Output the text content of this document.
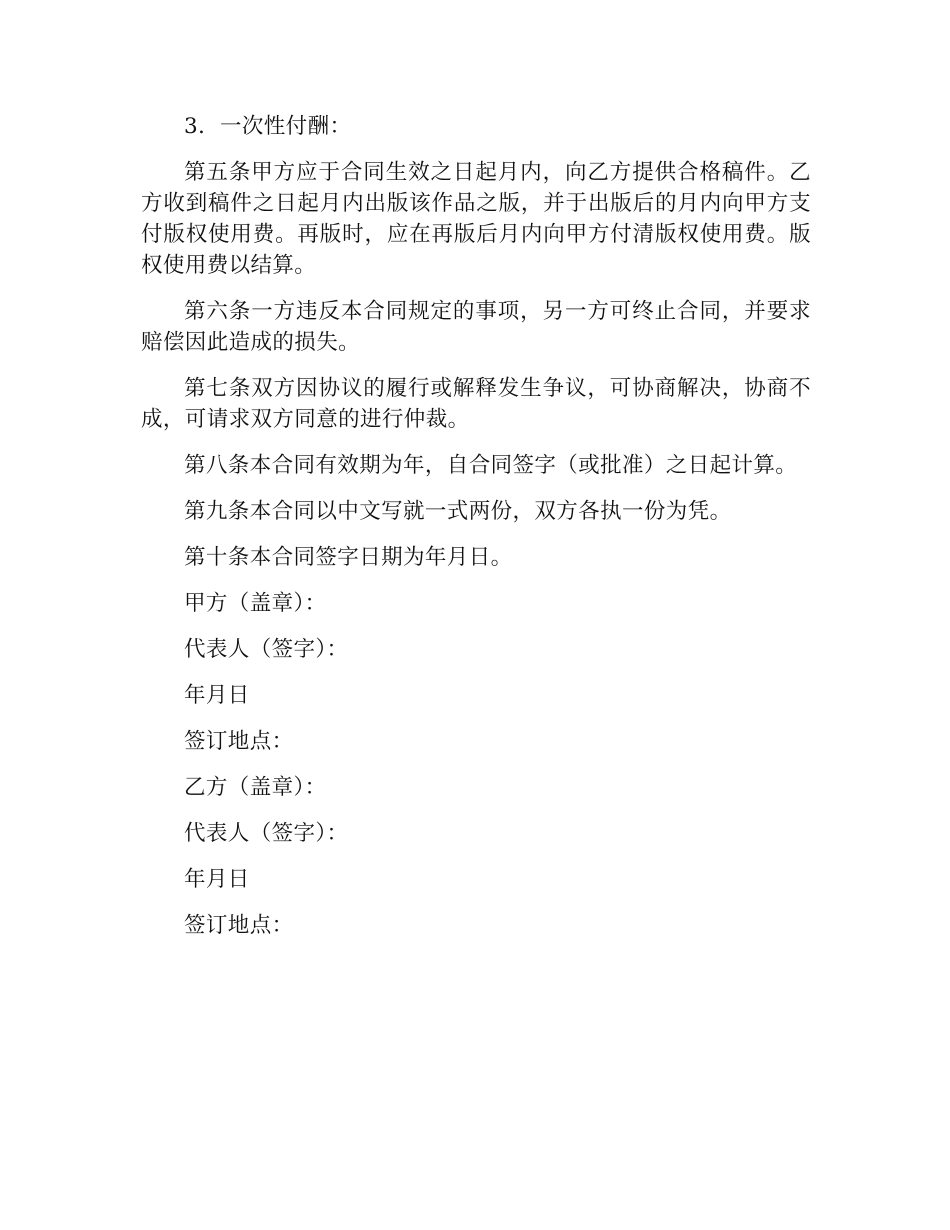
3．一次性付酬：

第五条甲方应于合同生效之日起月内，向乙方提供合格稿件。乙方收到稿件之日起月内出版该作品之版，并于出版后的月内向甲方支付版权使用费。再版时，应在再版后月内向甲方付清版权使用费。版权使用费以结算。

第六条一方违反本合同规定的事项，另一方可终止合同，并要求赔偿因此造成的损失。

第七条双方因协议的履行或解释发生争议，可协商解决，协商不成，可请求双方同意的进行仲裁。

第八条本合同有效期为年，自合同签字（或批准）之日起计算。

第九条本合同以中文写就一式两份，双方各执一份为凭。

第十条本合同签字日期为年月日。

甲方（盖章）：

代表人（签字）：

年月日

签订地点：

乙方（盖章）：

代表人（签字）：

年月日

签订地点：
